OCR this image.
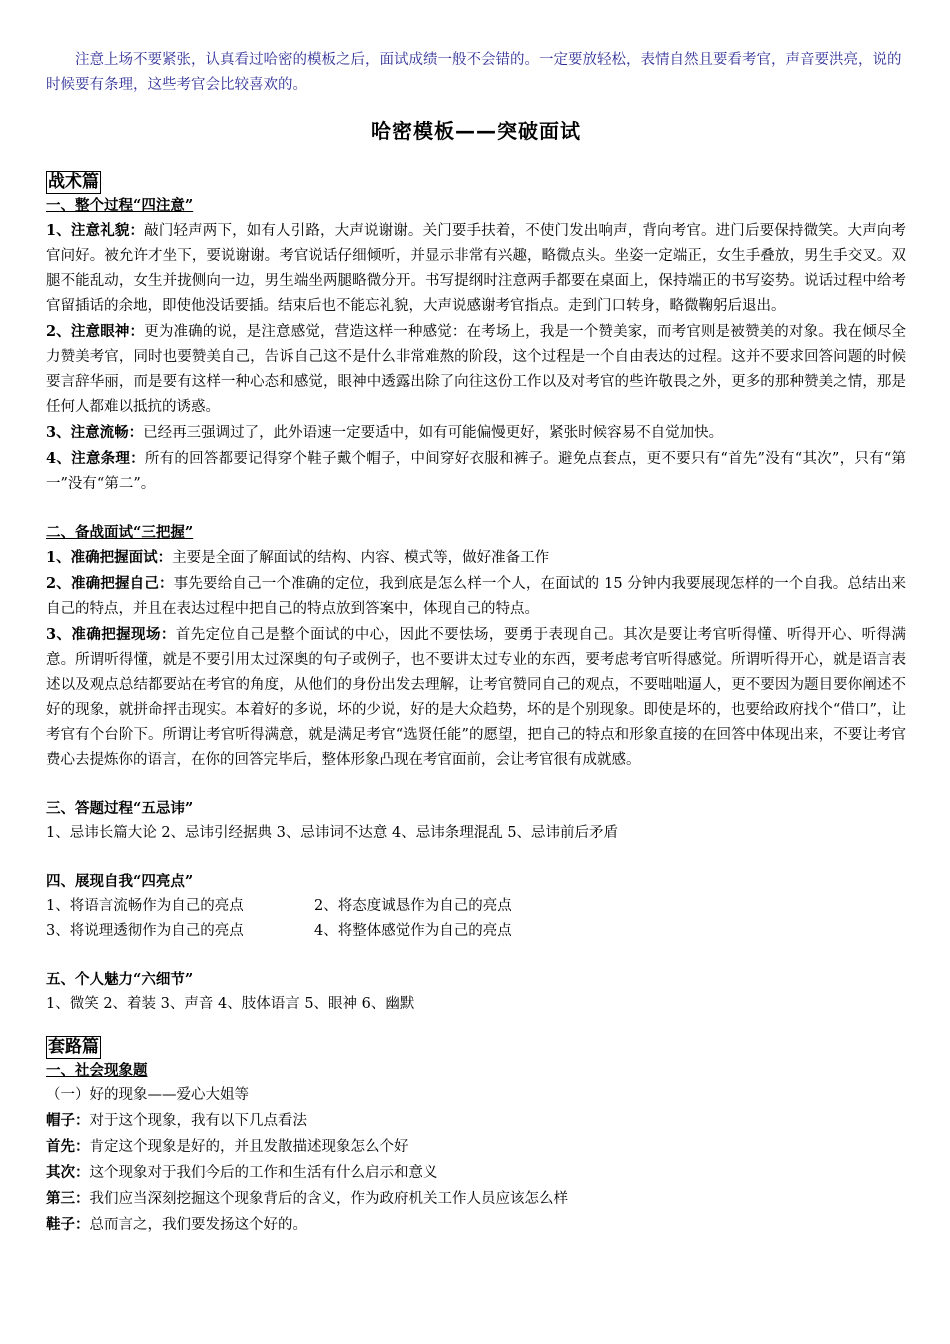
注意上场不要紧张，认真看过哈密的模板之后，面试成绩一般不会错的。一定要放轻松，表情自然且要看考官，声音要洪亮，说的时候要有条理，这些考官会比较喜欢的。

哈密模板——突破面试
战术篇
一、整个过程“四注意”

1、注意礼貌：敲门轻声两下，如有人引路，大声说谢谢。关门要手扶着，不使门发出响声，背向考官。进门后要保持微笑。大声向考官问好。被允许才坐下，要说谢谢。考官说话仔细倾听，并显示非常有兴趣，略微点头。坐姿一定端正，女生手叠放，男生手交叉。双腿不能乱动，女生并拢侧向一边，男生端坐两腿略微分开。书写提纲时注意两手都要在桌面上，保持端正的书写姿势。说话过程中给考官留插话的余地，即使他没话要插。结束后也不能忘礼貌，大声说感谢考官指点。走到门口转身，略微鞠躬后退出。

2、注意眼神：更为准确的说，是注意感觉，营造这样一种感觉：在考场上，我是一个赞美家，而考官则是被赞美的对象。我在倾尽全力赞美考官，同时也要赞美自己，告诉自己这不是什么非常难熬的阶段，这个过程是一个自由表达的过程。这并不要求回答问题的时候要言辞华丽，而是要有这样一种心态和感觉，眼神中透露出除了向往这份工作以及对考官的些许敬畏之外，更多的那种赞美之情，那是任何人都难以抵抗的诱惑。

3、注意流畅：已经再三强调过了，此外语速一定要适中，如有可能偏慢更好，紧张时候容易不自觉加快。

4、注意条理：所有的回答都要记得穿个鞋子戴个帽子，中间穿好衣服和裤子。避免点套点，更不要只有“首先”没有“其次”，只有“第一”没有“第二”。

二、备战面试“三把握”

1、准确把握面试：主要是全面了解面试的结构、内容、模式等，做好准备工作

2、准确把握自己：事先要给自己一个准确的定位，我到底是怎么样一个人，在面试的 15 分钟内我要展现怎样的一个自我。总结出来自己的特点，并且在表达过程中把自己的特点放到答案中，体现自己的特点。

3、准确把握现场：首先定位自己是整个面试的中心，因此不要怯场，要勇于表现自己。其次是要让考官听得懂、听得开心、听得满意。所谓听得懂，就是不要引用太过深奥的句子或例子，也不要讲太过专业的东西，要考虑考官听得感觉。所谓听得开心，就是语言表述以及观点总结都要站在考官的角度，从他们的身份出发去理解，让考官赞同自己的观点，不要咄咄逼人，更不要因为题目要你阐述不好的现象，就拼命抨击现实。本着好的多说，坏的少说，好的是大众趋势，坏的是个别现象。即使是坏的，也要给政府找个“借口”，让考官有个台阶下。所谓让考官听得满意，就是满足考官“选贤任能”的愿望，把自己的特点和形象直接的在回答中体现出来，不要让考官费心去提炼你的语言，在你的回答完毕后，整体形象凸现在考官面前，会让考官很有成就感。

三、答题过程“五忌讳”
1、忌讳长篇大论 2、忌讳引经据典 3、忌讳词不达意 4、忌讳条理混乱 5、忌讳前后矛盾
四、展现自我“四亮点”
1、将语言流畅作为自己的亮点	2、将态度诚恳作为自己的亮点
3、将说理透彻作为自己的亮点	4、将整体感觉作为自己的亮点
五、个人魅力“六细节”
1、微笑 2、着装 3、声音 4、肢体语言 5、眼神 6、幽默
套路篇
一、社会现象题
（一）好的现象——爱心大姐等

帽子：对于这个现象，我有以下几点看法

首先：肯定这个现象是好的，并且发散描述现象怎么个好

其次：这个现象对于我们今后的工作和生活有什么启示和意义

第三：我们应当深刻挖掘这个现象背后的含义，作为政府机关工作人员应该怎么样

鞋子：总而言之，我们要发扬这个好的。
